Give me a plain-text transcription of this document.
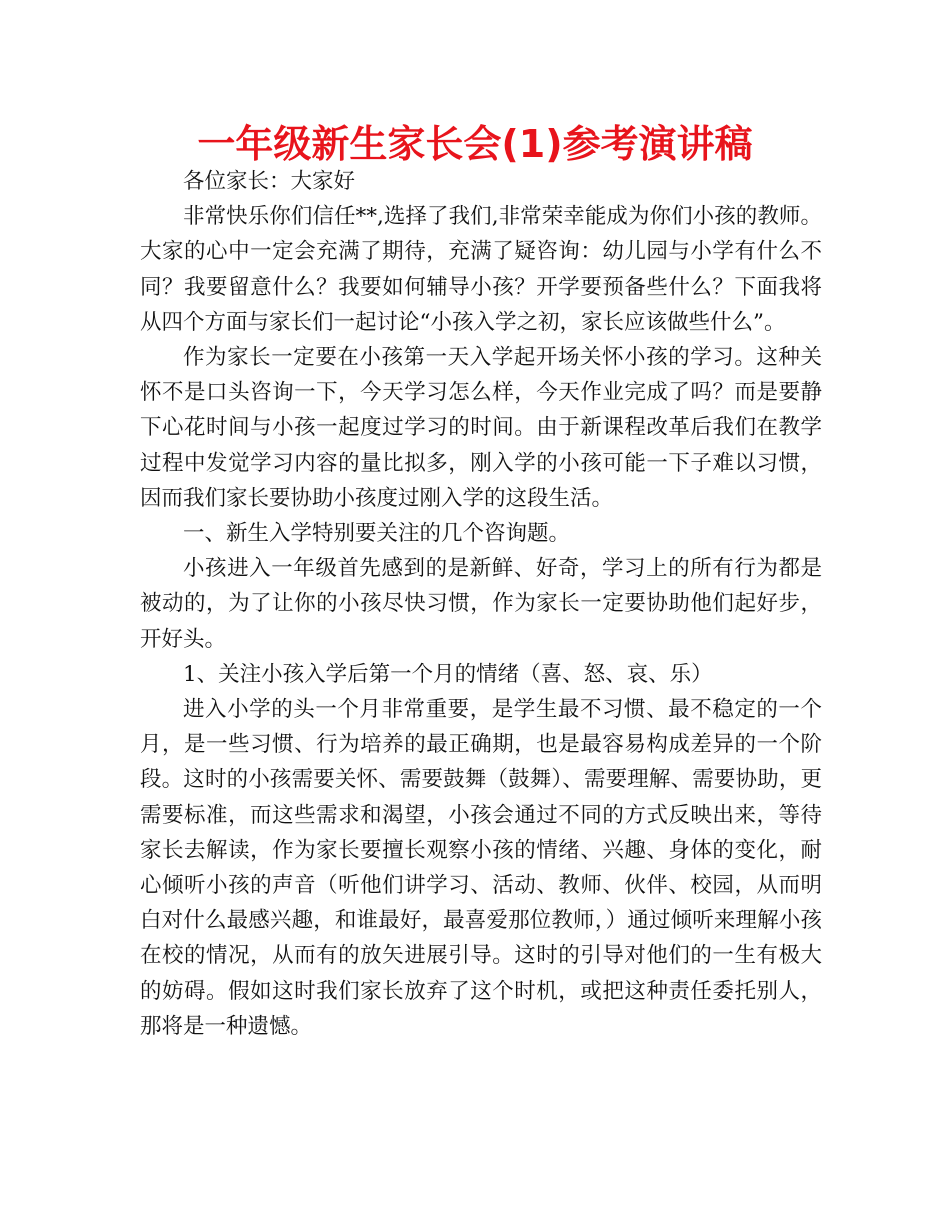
一年级新生家长会(1)参考演讲稿

各位家长：大家好

非常快乐你们信任**,选择了我们,非常荣幸能成为你们小孩的教师。大家的心中一定会充满了期待，充满了疑咨询：幼儿园与小学有什么不同？我要留意什么？我要如何辅导小孩？开学要预备些什么？下面我将从四个方面与家长们一起讨论“小孩入学之初，家长应该做些什么”。

作为家长一定要在小孩第一天入学起开场关怀小孩的学习。这种关怀不是口头咨询一下，今天学习怎么样，今天作业完成了吗？而是要静下心花时间与小孩一起度过学习的时间。由于新课程改革后我们在教学过程中发觉学习内容的量比拟多，刚入学的小孩可能一下子难以习惯，因而我们家长要协助小孩度过刚入学的这段生活。

一、新生入学特别要关注的几个咨询题。

小孩进入一年级首先感到的是新鲜、好奇，学习上的所有行为都是被动的，为了让你的小孩尽快习惯，作为家长一定要协助他们起好步，开好头。

1、关注小孩入学后第一个月的情绪（喜、怒、哀、乐）

进入小学的头一个月非常重要，是学生最不习惯、最不稳定的一个月，是一些习惯、行为培养的最正确期，也是最容易构成差异的一个阶段。这时的小孩需要关怀、需要鼓舞（鼓舞）、需要理解、需要协助，更需要标准，而这些需求和渴望，小孩会通过不同的方式反映出来，等待家长去解读，作为家长要擅长观察小孩的情绪、兴趣、身体的变化，耐心倾听小孩的声音（听他们讲学习、活动、教师、伙伴、校园，从而明白对什么最感兴趣，和谁最好，最喜爱那位教师，）通过倾听来理解小孩在校的情况，从而有的放矢进展引导。这时的引导对他们的一生有极大的妨碍。假如这时我们家长放弃了这个时机，或把这种责任委托别人，那将是一种遗憾。
